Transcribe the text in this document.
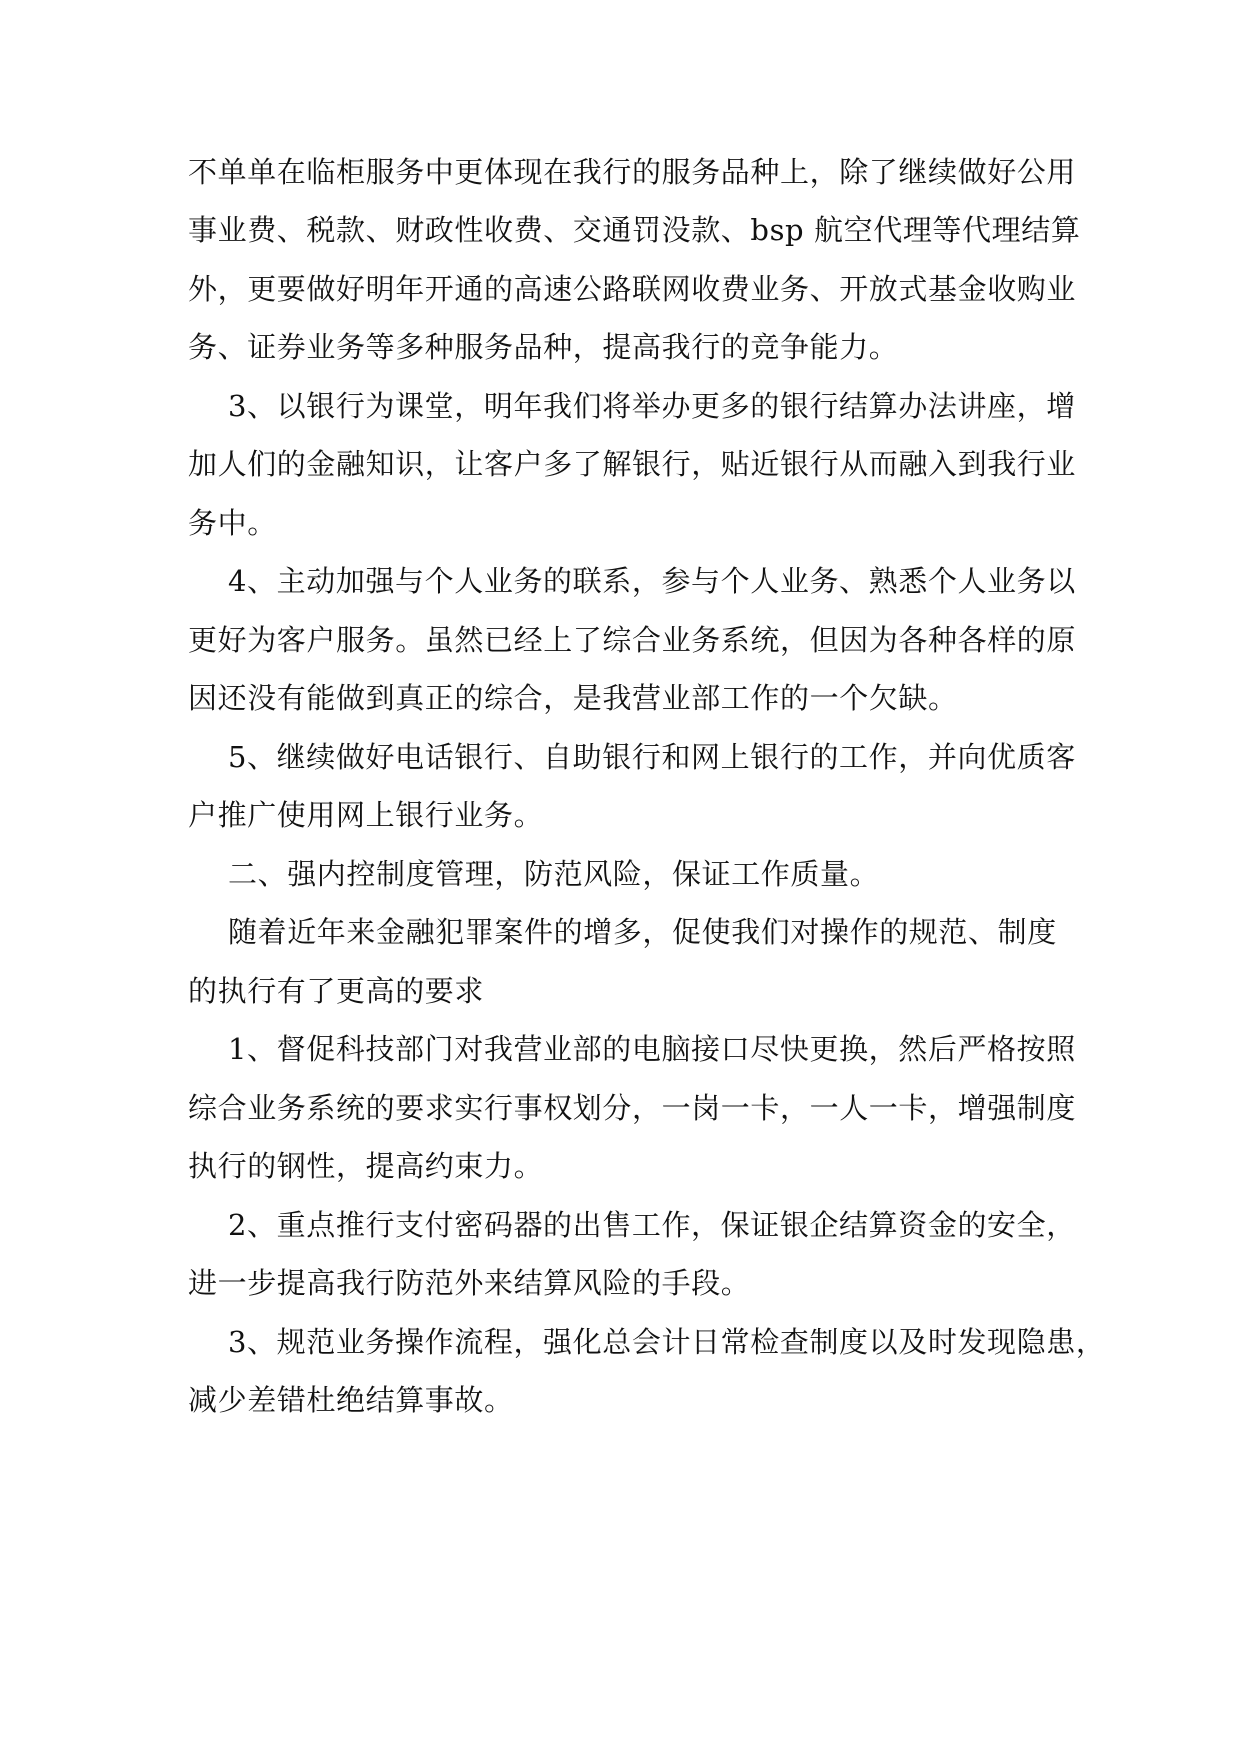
不单单在临柜服务中更体现在我行的服务品种上，除了继续做好公用
事业费、税款、财政性收费、交通罚没款、bsp 航空代理等代理结算
外，更要做好明年开通的高速公路联网收费业务、开放式基金收购业
务、证券业务等多种服务品种，提高我行的竞争能力。
3、以银行为课堂，明年我们将举办更多的银行结算办法讲座，增
加人们的金融知识，让客户多了解银行，贴近银行从而融入到我行业
务中。
4、主动加强与个人业务的联系，参与个人业务、熟悉个人业务以
更好为客户服务。虽然已经上了综合业务系统，但因为各种各样的原
因还没有能做到真正的综合，是我营业部工作的一个欠缺。
5、继续做好电话银行、自助银行和网上银行的工作，并向优质客
户推广使用网上银行业务。
二、强内控制度管理，防范风险，保证工作质量。
随着近年来金融犯罪案件的增多，促使我们对操作的规范、制度
的执行有了更高的要求
1、督促科技部门对我营业部的电脑接口尽快更换，然后严格按照
综合业务系统的要求实行事权划分，一岗一卡，一人一卡，增强制度
执行的钢性，提高约束力。
2、重点推行支付密码器的出售工作，保证银企结算资金的安全，
进一步提高我行防范外来结算风险的手段。
3、规范业务操作流程，强化总会计日常检查制度以及时发现隐患，
减少差错杜绝结算事故。
